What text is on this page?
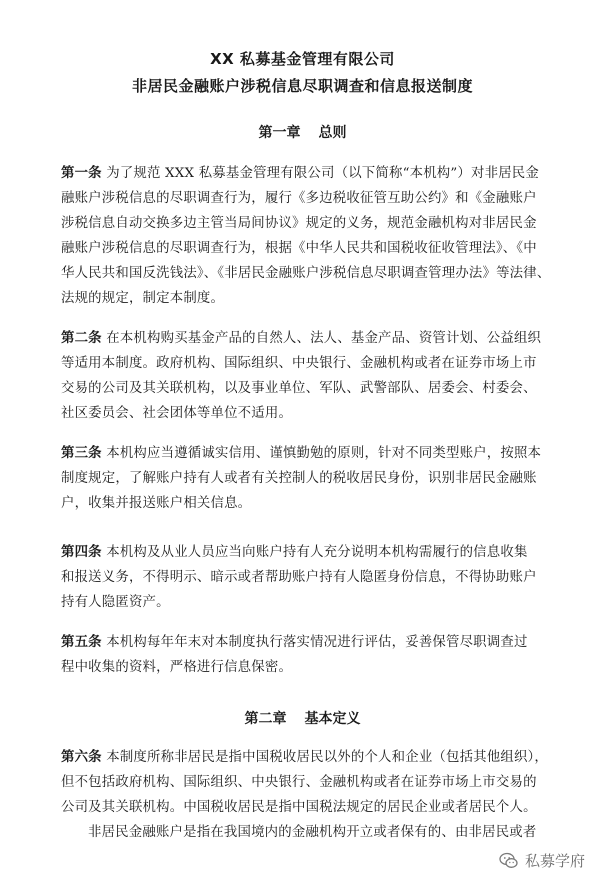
XX 私募基金管理有限公司
非居民金融账户涉税信息尽职调查和信息报送制度
第一章 总则
第一条 为了规范 XXX 私募基金管理有限公司（以下简称“本机构”）对非居民金
融账户涉税信息的尽职调查行为，履行《多边税收征管互助公约》和《金融账户
涉税信息自动交换多边主管当局间协议》规定的义务，规范金融机构对非居民金
融账户涉税信息的尽职调查行为，根据《中华人民共和国税收征收管理法》、《中
华人民共和国反洗钱法》、《非居民金融账户涉税信息尽职调查管理办法》等法律、
法规的规定，制定本制度。
第二条 在本机构购买基金产品的自然人、法人、基金产品、资管计划、公益组织
等适用本制度。政府机构、国际组织、中央银行、金融机构或者在证券市场上市
交易的公司及其关联机构，以及事业单位、军队、武警部队、居委会、村委会、
社区委员会、社会团体等单位不适用。
第三条 本机构应当遵循诚实信用、谨慎勤勉的原则，针对不同类型账户，按照本
制度规定，了解账户持有人或者有关控制人的税收居民身份，识别非居民金融账
户，收集并报送账户相关信息。
第四条 本机构及从业人员应当向账户持有人充分说明本机构需履行的信息收集
和报送义务，不得明示、暗示或者帮助账户持有人隐匿身份信息，不得协助账户
持有人隐匿资产。
第五条 本机构每年年末对本制度执行落实情况进行评估，妥善保管尽职调查过
程中收集的资料，严格进行信息保密。
第二章 基本定义
第六条 本制度所称非居民是指中国税收居民以外的个人和企业（包括其他组织），
但不包括政府机构、国际组织、中央银行、金融机构或者在证券市场上市交易的
公司及其关联机构。中国税收居民是指中国税法规定的居民企业或者居民个人。
非居民金融账户是指在我国境内的金融机构开立或者保有的、由非居民或者
私募学府
